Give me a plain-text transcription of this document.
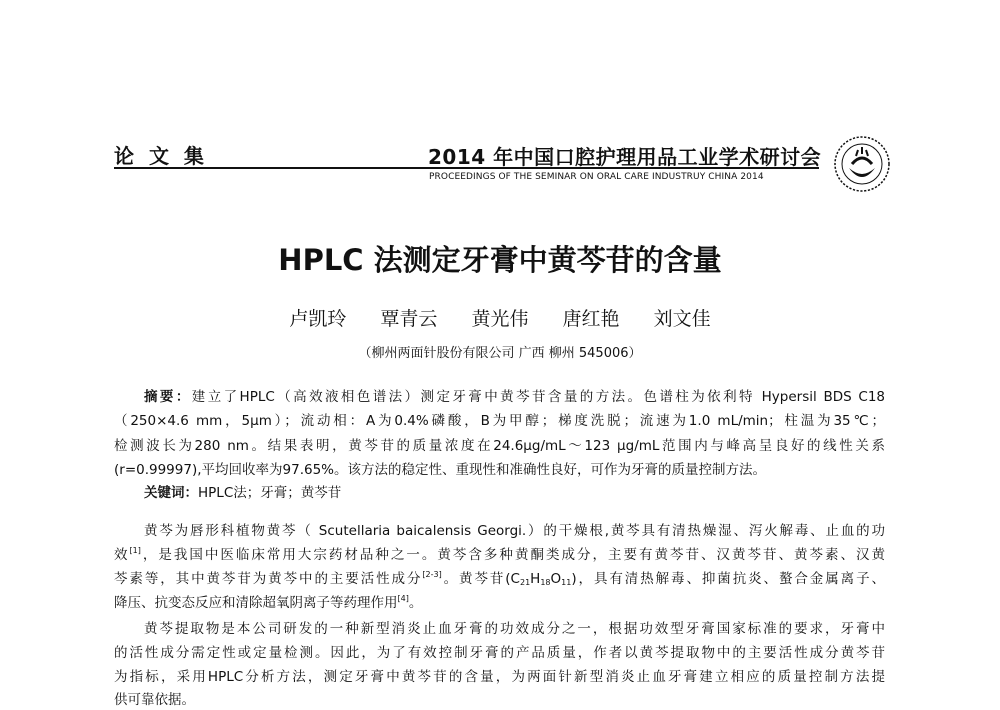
论 文 集	2014 年中国口腔护理用品工业学术研讨会
PROCEEDINGS OF THE SEMINAR ON ORAL CARE INDUSTRUY CHINA 2014
HPLC 法测定牙膏中黄芩苷的含量
卢凯玲 覃青云 黄光伟 唐红艳 刘文佳
（柳州两面针股份有限公司 广西 柳州 545006）
摘要：建立了HPLC（高效液相色谱法）测定牙膏中黄芩苷含量的方法。色谱柱为依利特 Hypersil BDS C18
（250×4.6 mm，5μm）；流动相：A为0.4%磷酸，B为甲醇；梯度洗脱；流速为1.0 mL/min；柱温为35℃；
检测波长为280 nm。结果表明，黄芩苷的质量浓度在24.6μg/mL～123 μg/mL范围内与峰高呈良好的线性关系
(r=0.99997),平均回收率为97.65%。该方法的稳定性、重现性和准确性良好，可作为牙膏的质量控制方法。
关键词：HPLC法；牙膏；黄芩苷
黄芩为唇形科植物黄芩（ Scutellaria baicalensis Georgi.）的干燥根,黄芩具有清热燥湿、泻火解毒、止血的功
效[1]，是我国中医临床常用大宗药材品种之一。黄芩含多种黄酮类成分，主要有黄芩苷、汉黄芩苷、黄芩素、汉黄
芩素等，其中黄芩苷为黄芩中的主要活性成分[2-3]。黄芩苷$(C_{21}H_{18}O_{11})$，具有清热解毒、抑菌抗炎、螯合金属离子、
降压、抗变态反应和清除超氧阴离子等药理作用[4]。
黄芩提取物是本公司研发的一种新型消炎止血牙膏的功效成分之一，根据功效型牙膏国家标准的要求，牙膏中
的活性成分需定性或定量检测。因此，为了有效控制牙膏的产品质量，作者以黄芩提取物中的主要活性成分黄芩苷
为指标，采用HPLC分析方法，测定牙膏中黄芩苷的含量，为两面针新型消炎止血牙膏建立相应的质量控制方法提
供可靠依据。
